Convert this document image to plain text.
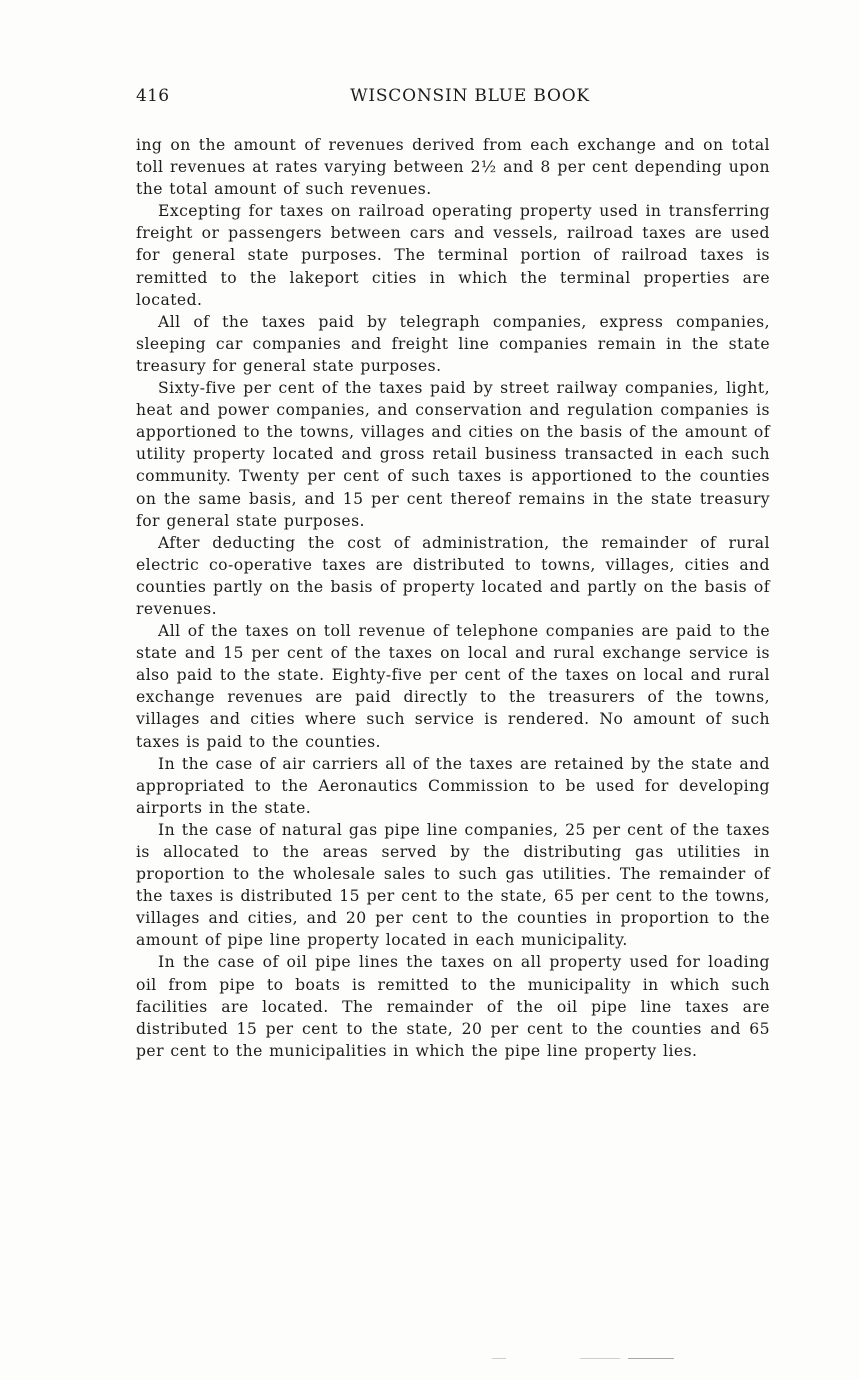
416	WISCONSIN BLUE BOOK

ing on the amount of revenues derived from each exchange and on total toll revenues at rates varying between 2½ and 8 per cent depending upon the total amount of such revenues.

Excepting for taxes on railroad operating property used in transferring freight or passengers between cars and vessels, railroad taxes are used for general state purposes. The terminal portion of railroad taxes is remitted to the lakeport cities in which the terminal properties are located.

All of the taxes paid by telegraph companies, express companies, sleeping car companies and freight line companies remain in the state treasury for general state purposes.

Sixty-five per cent of the taxes paid by street railway companies, light, heat and power companies, and conservation and regulation companies is apportioned to the towns, villages and cities on the basis of the amount of utility property located and gross retail business transacted in each such community. Twenty per cent of such taxes is apportioned to the counties on the same basis, and 15 per cent thereof remains in the state treasury for general state purposes.

After deducting the cost of administration, the remainder of rural electric co-operative taxes are distributed to towns, villages, cities and counties partly on the basis of property located and partly on the basis of revenues.

All of the taxes on toll revenue of telephone companies are paid to the state and 15 per cent of the taxes on local and rural exchange service is also paid to the state. Eighty-five per cent of the taxes on local and rural exchange revenues are paid directly to the treasurers of the towns, villages and cities where such service is rendered. No amount of such taxes is paid to the counties.

In the case of air carriers all of the taxes are retained by the state and appropriated to the Aeronautics Commission to be used for developing airports in the state.

In the case of natural gas pipe line companies, 25 per cent of the taxes is allocated to the areas served by the distributing gas utilities in proportion to the wholesale sales to such gas utilities. The remainder of the taxes is distributed 15 per cent to the state, 65 per cent to the towns, villages and cities, and 20 per cent to the counties in proportion to the amount of pipe line property located in each municipality.

In the case of oil pipe lines the taxes on all property used for loading oil from pipe to boats is remitted to the municipality in which such facilities are located. The remainder of the oil pipe line taxes are distributed 15 per cent to the state, 20 per cent to the counties and 65 per cent to the municipalities in which the pipe line property lies.
